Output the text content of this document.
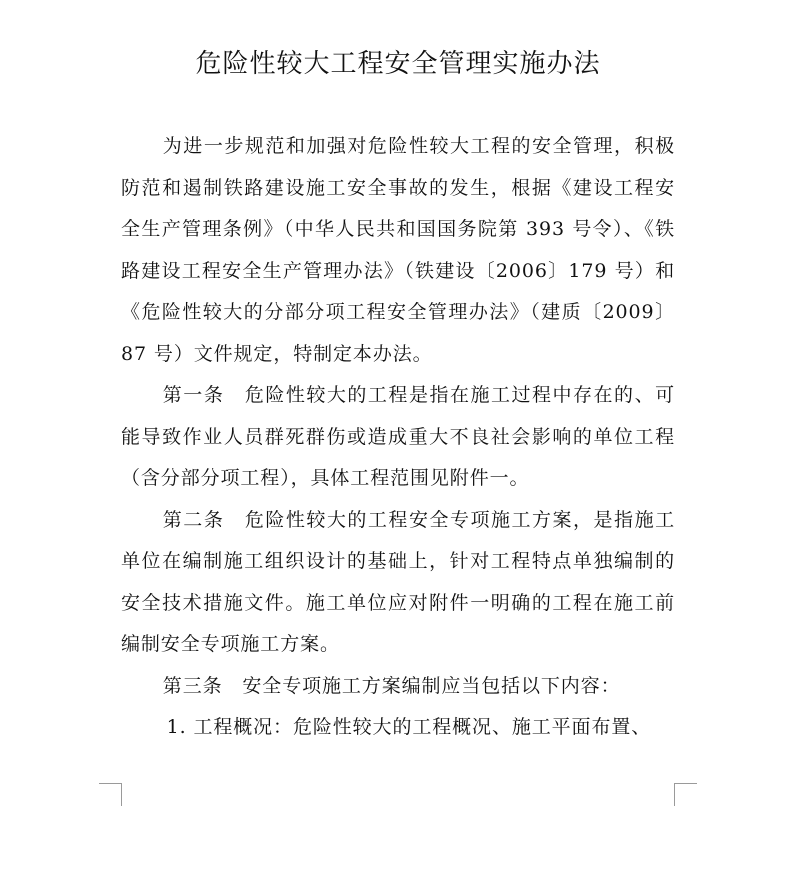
危险性较大工程安全管理实施办法

为进一步规范和加强对危险性较大工程的安全管理，积极防范和遏制铁路建设施工安全事故的发生，根据《建设工程安全生产管理条例》（中华人民共和国国务院第 393 号令）、《铁路建设工程安全生产管理办法》（铁建设〔2006〕179 号）和《危险性较大的分部分项工程安全管理办法》（建质〔2009〕87 号）文件规定，特制定本办法。

第一条　危险性较大的工程是指在施工过程中存在的、可能导致作业人员群死群伤或造成重大不良社会影响的单位工程（含分部分项工程），具体工程范围见附件一。

第二条　危险性较大的工程安全专项施工方案，是指施工单位在编制施工组织设计的基础上，针对工程特点单独编制的安全技术措施文件。施工单位应对附件一明确的工程在施工前编制安全专项施工方案。

第三条　安全专项施工方案编制应当包括以下内容：

1. 工程概况：危险性较大的工程概况、施工平面布置、
